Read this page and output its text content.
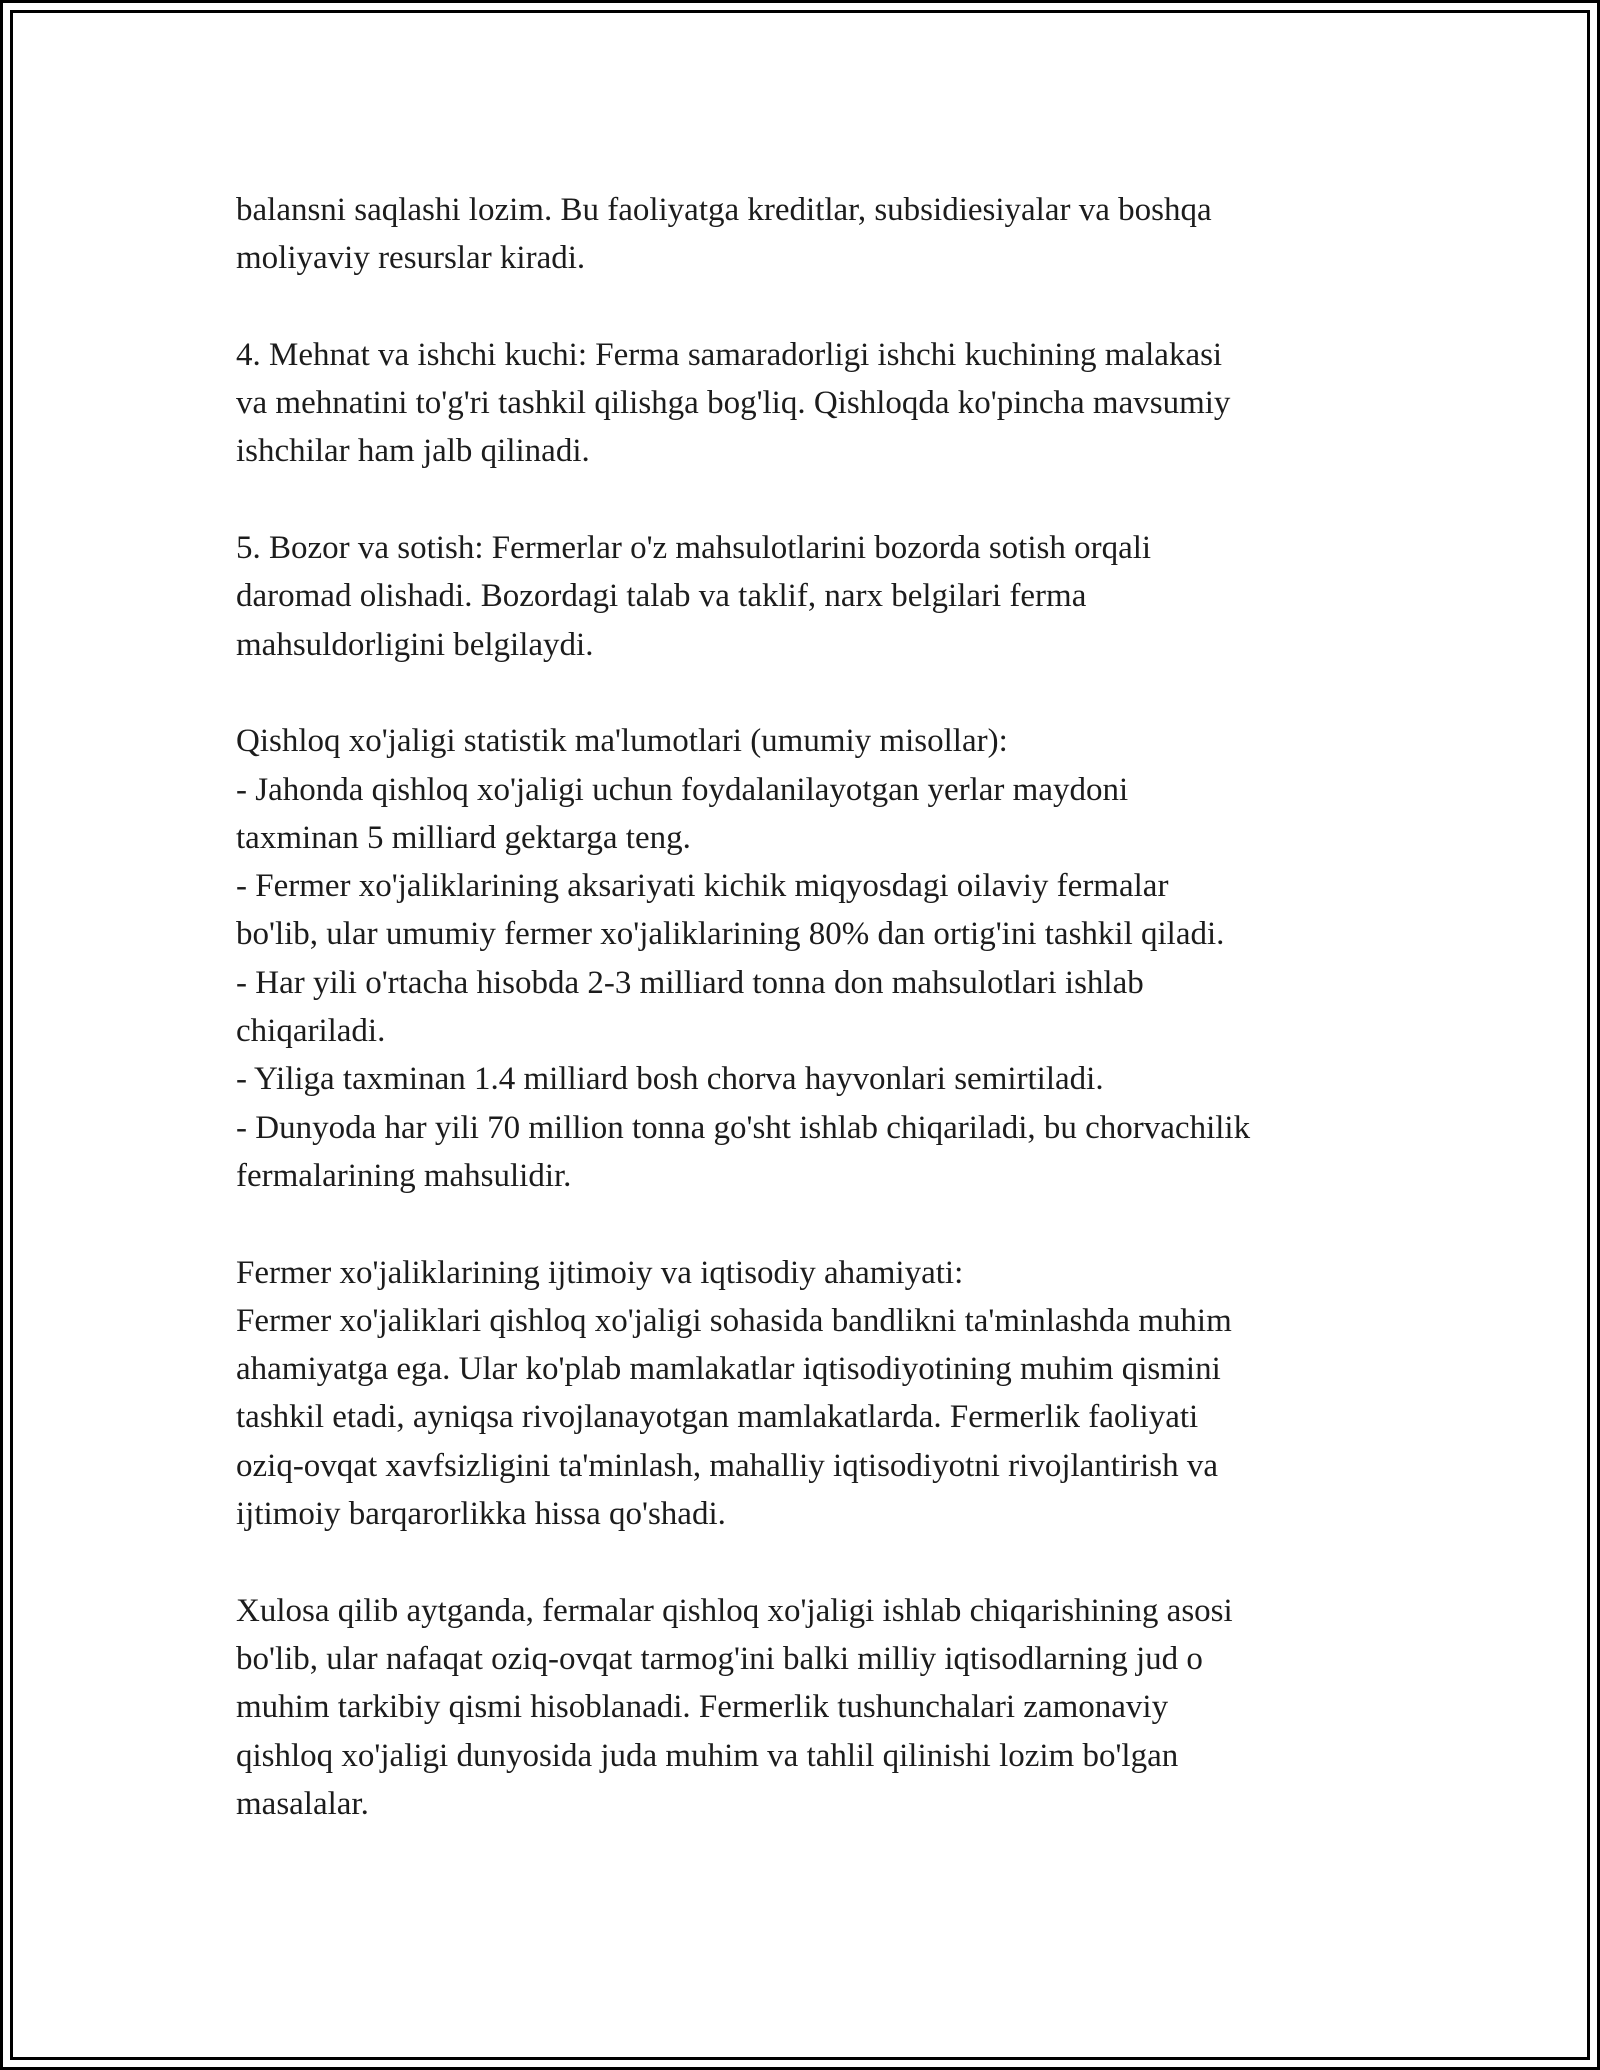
balansni saqlashi lozim. Bu faoliyatga kreditlar, subsidiesiyalar va boshqa
moliyaviy resurslar kiradi.

4. Mehnat va ishchi kuchi: Ferma samaradorligi ishchi kuchining malakasi
va mehnatini to'g'ri tashkil qilishga bog'liq. Qishloqda ko'pincha mavsumiy
ishchilar ham jalb qilinadi.

5. Bozor va sotish: Fermerlar o'z mahsulotlarini bozorda sotish orqali
daromad olishadi. Bozordagi talab va taklif, narx belgilari ferma
mahsuldorligini belgilaydi.

Qishloq xo'jaligi statistik ma'lumotlari (umumiy misollar):
- Jahonda qishloq xo'jaligi uchun foydalanilayotgan yerlar maydoni
taxminan 5 milliard gektarga teng.
- Fermer xo'jaliklarining aksariyati kichik miqyosdagi oilaviy fermalar
bo'lib, ular umumiy fermer xo'jaliklarining 80% dan ortig'ini tashkil qiladi.
- Har yili o'rtacha hisobda 2-3 milliard tonna don mahsulotlari ishlab
chiqariladi.
- Yiliga taxminan 1.4 milliard bosh chorva hayvonlari semirtiladi.
- Dunyoda har yili 70 million tonna go'sht ishlab chiqariladi, bu chorvachilik
fermalarining mahsulidir.

Fermer xo'jaliklarining ijtimoiy va iqtisodiy ahamiyati:
Fermer xo'jaliklari qishloq xo'jaligi sohasida bandlikni ta'minlashda muhim
ahamiyatga ega. Ular ko'plab mamlakatlar iqtisodiyotining muhim qismini
tashkil etadi, ayniqsa rivojlanayotgan mamlakatlarda. Fermerlik faoliyati
oziq-ovqat xavfsizligini ta'minlash, mahalliy iqtisodiyotni rivojlantirish va
ijtimoiy barqarorlikka hissa qo'shadi.

Xulosa qilib aytganda, fermalar qishloq xo'jaligi ishlab chiqarishining asosi
bo'lib, ular nafaqat oziq-ovqat tarmog'ini balki milliy iqtisodlarning jud o
muhim tarkibiy qismi hisoblanadi. Fermerlik tushunchalari zamonaviy
qishloq xo'jaligi dunyosida juda muhim va tahlil qilinishi lozim bo'lgan
masalalar.
